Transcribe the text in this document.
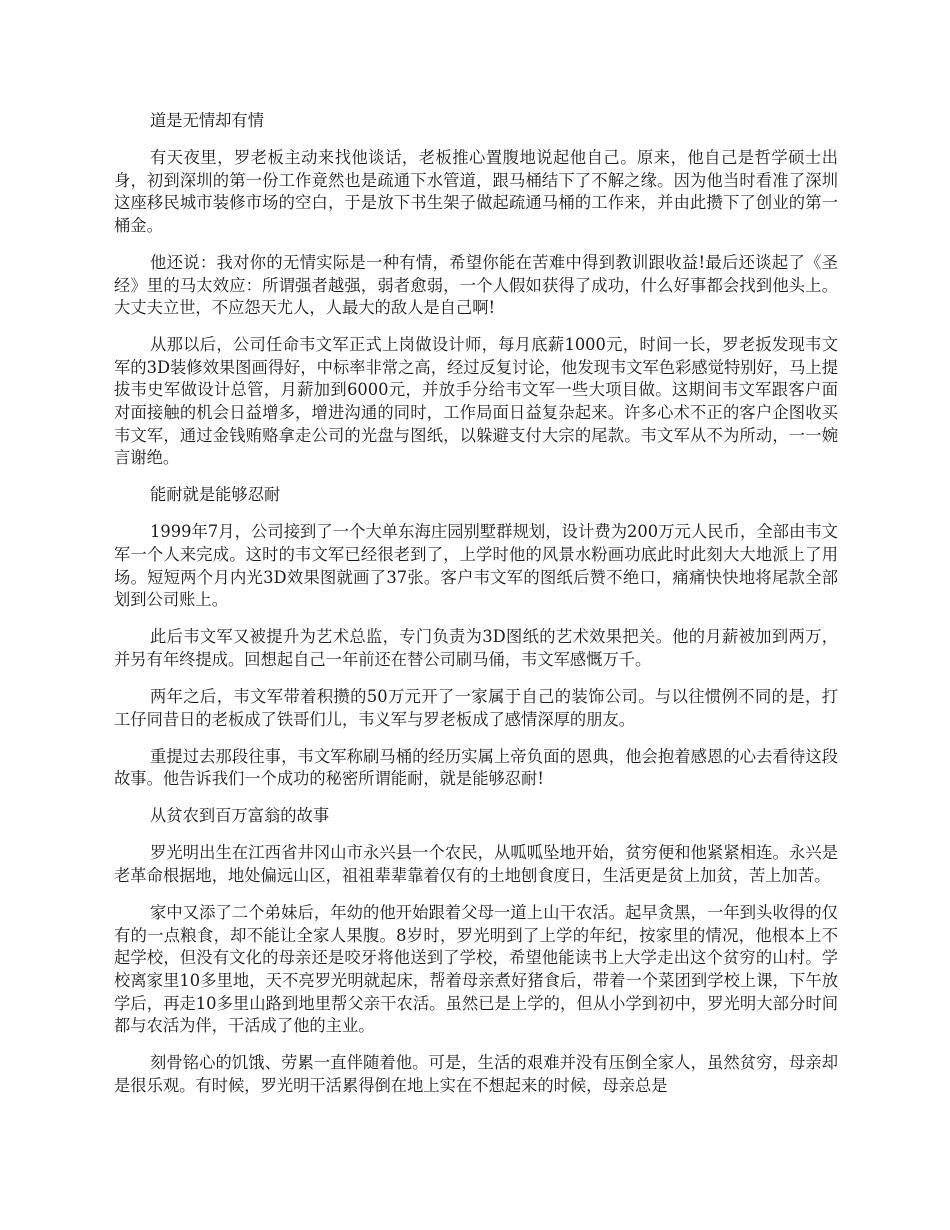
道是无情却有情

有天夜里，罗老板主动来找他谈话，老板推心置腹地说起他自己。原来，他自己是哲学硕士出身，初到深圳的第一份工作竟然也是疏通下水管道，跟马桶结下了不解之缘。因为他当时看准了深圳这座移民城市装修市场的空白，于是放下书生架子做起疏通马桶的工作来，并由此攒下了创业的第一桶金。

他还说：我对你的无情实际是一种有情，希望你能在苦难中得到教训跟收益!最后还谈起了《圣经》里的马太效应：所谓强者越强，弱者愈弱，一个人假如获得了成功，什么好事都会找到他头上。大丈夫立世，不应怨天尤人，人最大的敌人是自己啊!

从那以后，公司任命韦文军正式上岗做设计师，每月底薪1000元，时间一长，罗老扳发现韦文军的3D装修效果图画得好，中标率非常之高，经过反复讨论，他发现韦文军色彩感觉特别好，马上提拔韦史军做设计总管，月薪加到6000元，并放手分给韦文军一些大项目做。这期间韦文军跟客户面对面接触的机会日益增多，增进沟通的同时，工作局面日益复杂起来。许多心术不正的客户企图收买韦文军，通过金钱贿赂拿走公司的光盘与图纸，以躲避支付大宗的尾款。韦文军从不为所动，一一婉言谢绝。

能耐就是能够忍耐

1999年7月，公司接到了一个大单东海庄园别墅群规划，设计费为200万元人民币，全部由韦文军一个人来完成。这时的韦文军已经很老到了，上学时他的风景水粉画功底此时此刻大大地派上了用场。短短两个月内光3D效果图就画了37张。客户韦文军的图纸后赞不绝口，痛痛快快地将尾款全部划到公司账上。

此后韦文军又被提升为艺术总监，专门负责为3D图纸的艺术效果把关。他的月薪被加到两万，并另有年终提成。回想起自己一年前还在替公司刷马俑，韦文军感慨万千。

两年之后，韦文军带着积攒的50万元开了一家属于自己的装饰公司。与以往惯例不同的是，打工仔同昔日的老板成了铁哥们儿，韦义军与罗老板成了感情深厚的朋友。

重提过去那段往事，韦文军称刷马桶的经历实属上帝负面的恩典，他会抱着感恩的心去看待这段故事。他告诉我们一个成功的秘密所谓能耐，就是能够忍耐!

从贫农到百万富翁的故事

罗光明出生在江西省井冈山市永兴县一个农民，从呱呱坠地开始，贫穷便和他紧紧相连。永兴是老革命根据地，地处偏远山区，祖祖辈辈靠着仅有的土地刨食度日，生活更是贫上加贫，苦上加苦。

家中又添了二个弟妹后，年幼的他开始跟着父母一道上山干农活。起早贪黑，一年到头收得的仅有的一点粮食，却不能让全家人果腹。8岁时，罗光明到了上学的年纪，按家里的情况，他根本上不起学校，但没有文化的母亲还是咬牙将他送到了学校，希望他能读书上大学走出这个贫穷的山村。学校离家里10多里地，天不亮罗光明就起床，帮着母亲煮好猪食后，带着一个菜团到学校上课，下午放学后，再走10多里山路到地里帮父亲干农活。虽然已是上学的，但从小学到初中，罗光明大部分时间都与农活为伴，干活成了他的主业。

刻骨铭心的饥饿、劳累一直伴随着他。可是，生活的艰难并没有压倒全家人，虽然贫穷，母亲却是很乐观。有时候，罗光明干活累得倒在地上实在不想起来的时候，母亲总是
